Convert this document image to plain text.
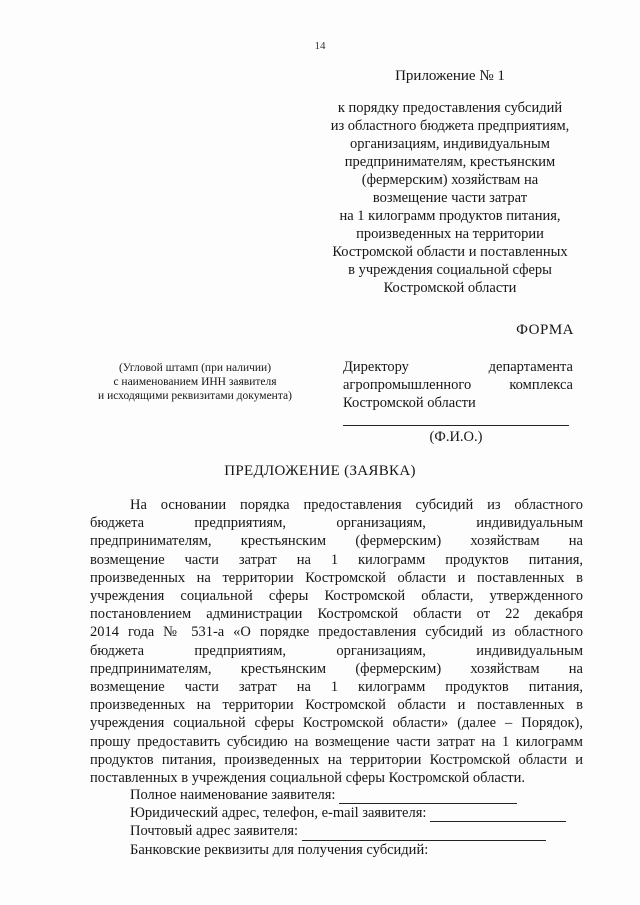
14
Приложение № 1
к порядку предоставления субсидий
из областного бюджета предприятиям,
организациям, индивидуальным
предпринимателям, крестьянским
(фермерским) хозяйствам на
возмещение части затрат
на 1 килограмм продуктов питания,
произведенных на территории
Костромской области и поставленных
в учреждения социальной сферы
Костромской области
ФОРМА
(Угловой штамп (при наличии)
с наименованием ИНН заявителя
и исходящими реквизитами документа)
Директору департамента
агропромышленного комплекса
Костромской области
(Ф.И.О.)
ПРЕДЛОЖЕНИЕ (ЗАЯВКА)
На основании порядка предоставления субсидий из областного
бюджета предприятиям, организациям, индивидуальным
предпринимателям, крестьянским (фермерским) хозяйствам на
возмещение части затрат на 1 килограмм продуктов питания,
произведенных на территории Костромской области и поставленных в
учреждения социальной сферы Костромской области, утвержденного
постановлением администрации Костромской области от 22 декабря
2014 года № 531-а «О порядке предоставления субсидий из областного
бюджета предприятиям, организациям, индивидуальным
предпринимателям, крестьянским (фермерским) хозяйствам на
возмещение части затрат на 1 килограмм продуктов питания,
произведенных на территории Костромской области и поставленных в
учреждения социальной сферы Костромской области» (далее – Порядок),
прошу предоставить субсидию на возмещение части затрат на 1 килограмм
продуктов питания, произведенных на территории Костромской области и
поставленных в учреждения социальной сферы Костромской области.
Полное наименование заявителя:
Юридический адрес, телефон, e-mail заявителя:
Почтовый адрес заявителя:
Банковские реквизиты для получения субсидий:
